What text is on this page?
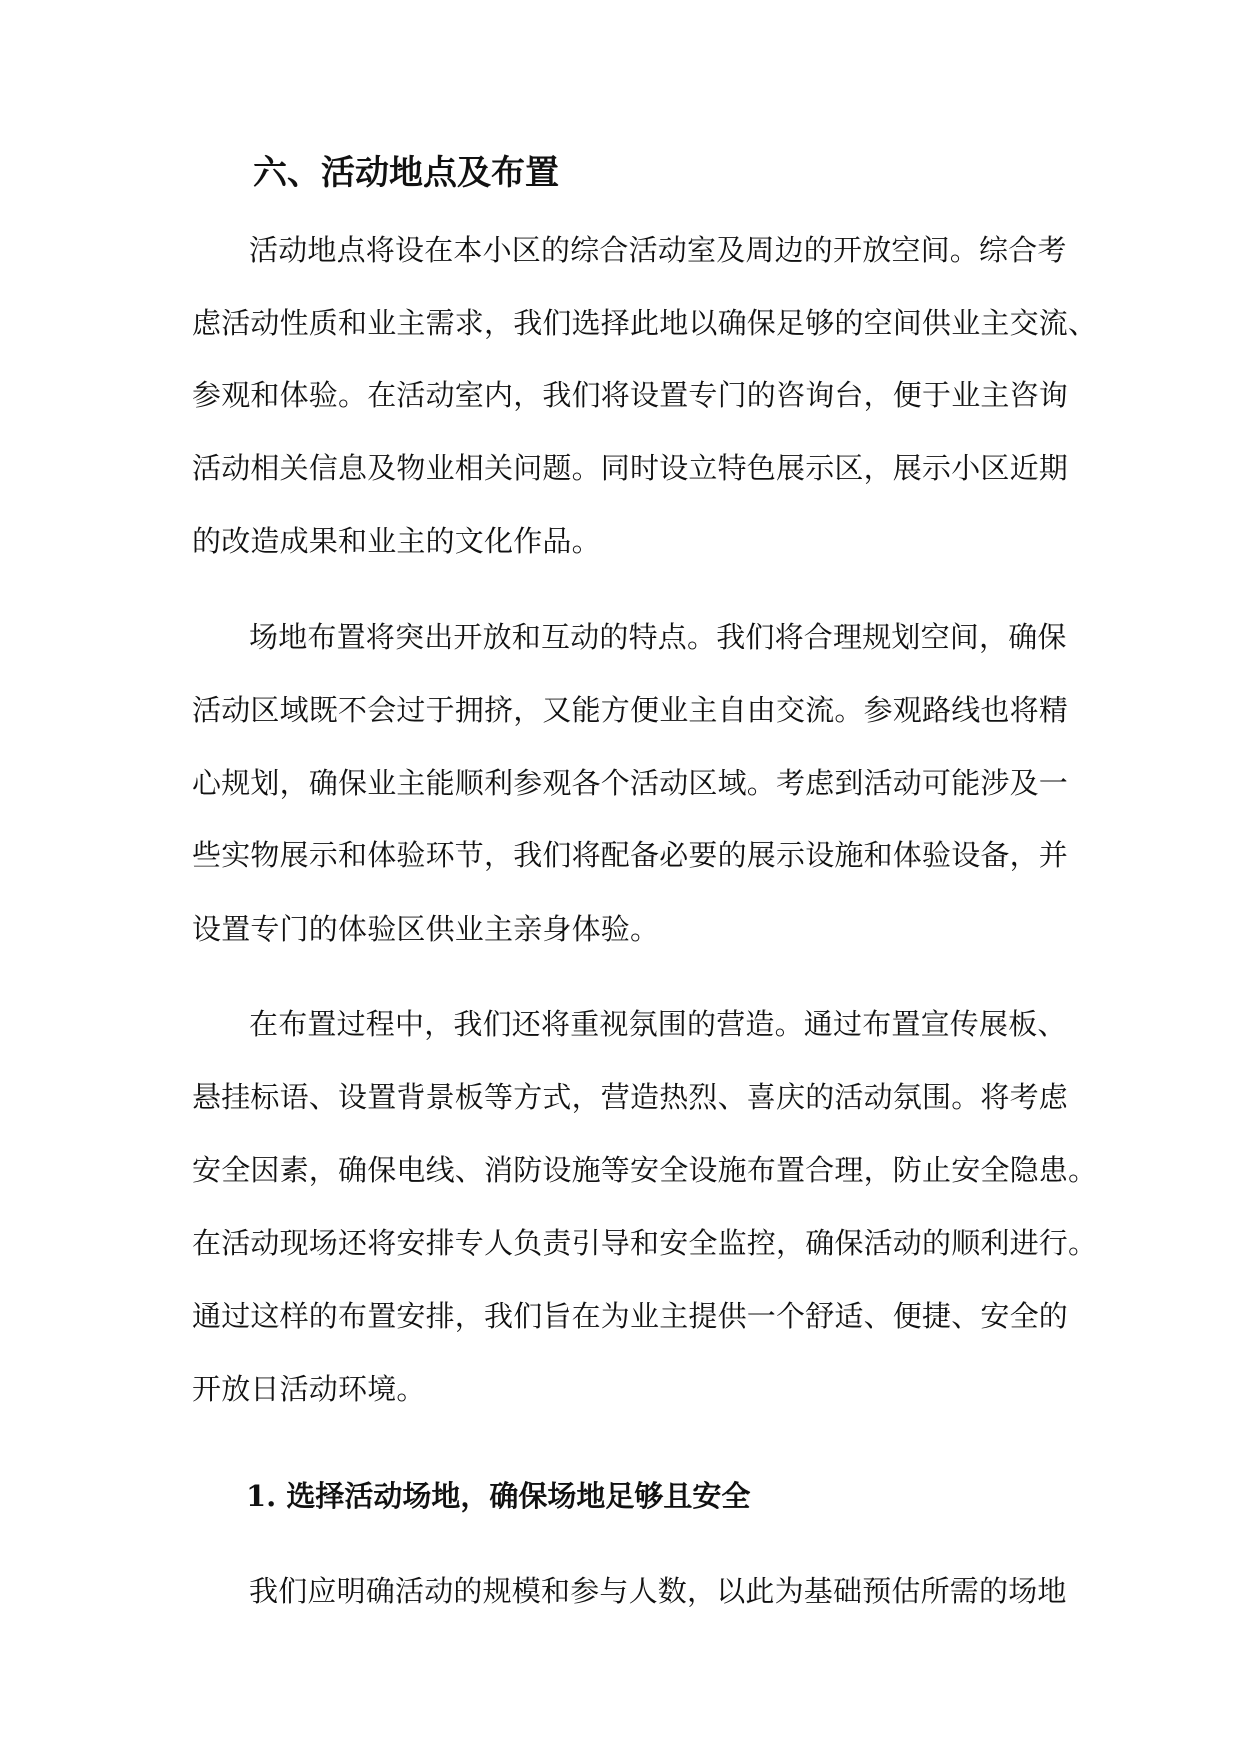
六、活动地点及布置
活动地点将设在本小区的综合活动室及周边的开放空间。综合考
虑活动性质和业主需求，我们选择此地以确保足够的空间供业主交流、
参观和体验。在活动室内，我们将设置专门的咨询台，便于业主咨询
活动相关信息及物业相关问题。同时设立特色展示区，展示小区近期
的改造成果和业主的文化作品。
场地布置将突出开放和互动的特点。我们将合理规划空间，确保
活动区域既不会过于拥挤，又能方便业主自由交流。参观路线也将精
心规划，确保业主能顺利参观各个活动区域。考虑到活动可能涉及一
些实物展示和体验环节，我们将配备必要的展示设施和体验设备，并
设置专门的体验区供业主亲身体验。
在布置过程中，我们还将重视氛围的营造。通过布置宣传展板、
悬挂标语、设置背景板等方式，营造热烈、喜庆的活动氛围。将考虑
安全因素，确保电线、消防设施等安全设施布置合理，防止安全隐患。
在活动现场还将安排专人负责引导和安全监控，确保活动的顺利进行。
通过这样的布置安排，我们旨在为业主提供一个舒适、便捷、安全的
开放日活动环境。
1. 选择活动场地，确保场地足够且安全
我们应明确活动的规模和参与人数，以此为基础预估所需的场地
